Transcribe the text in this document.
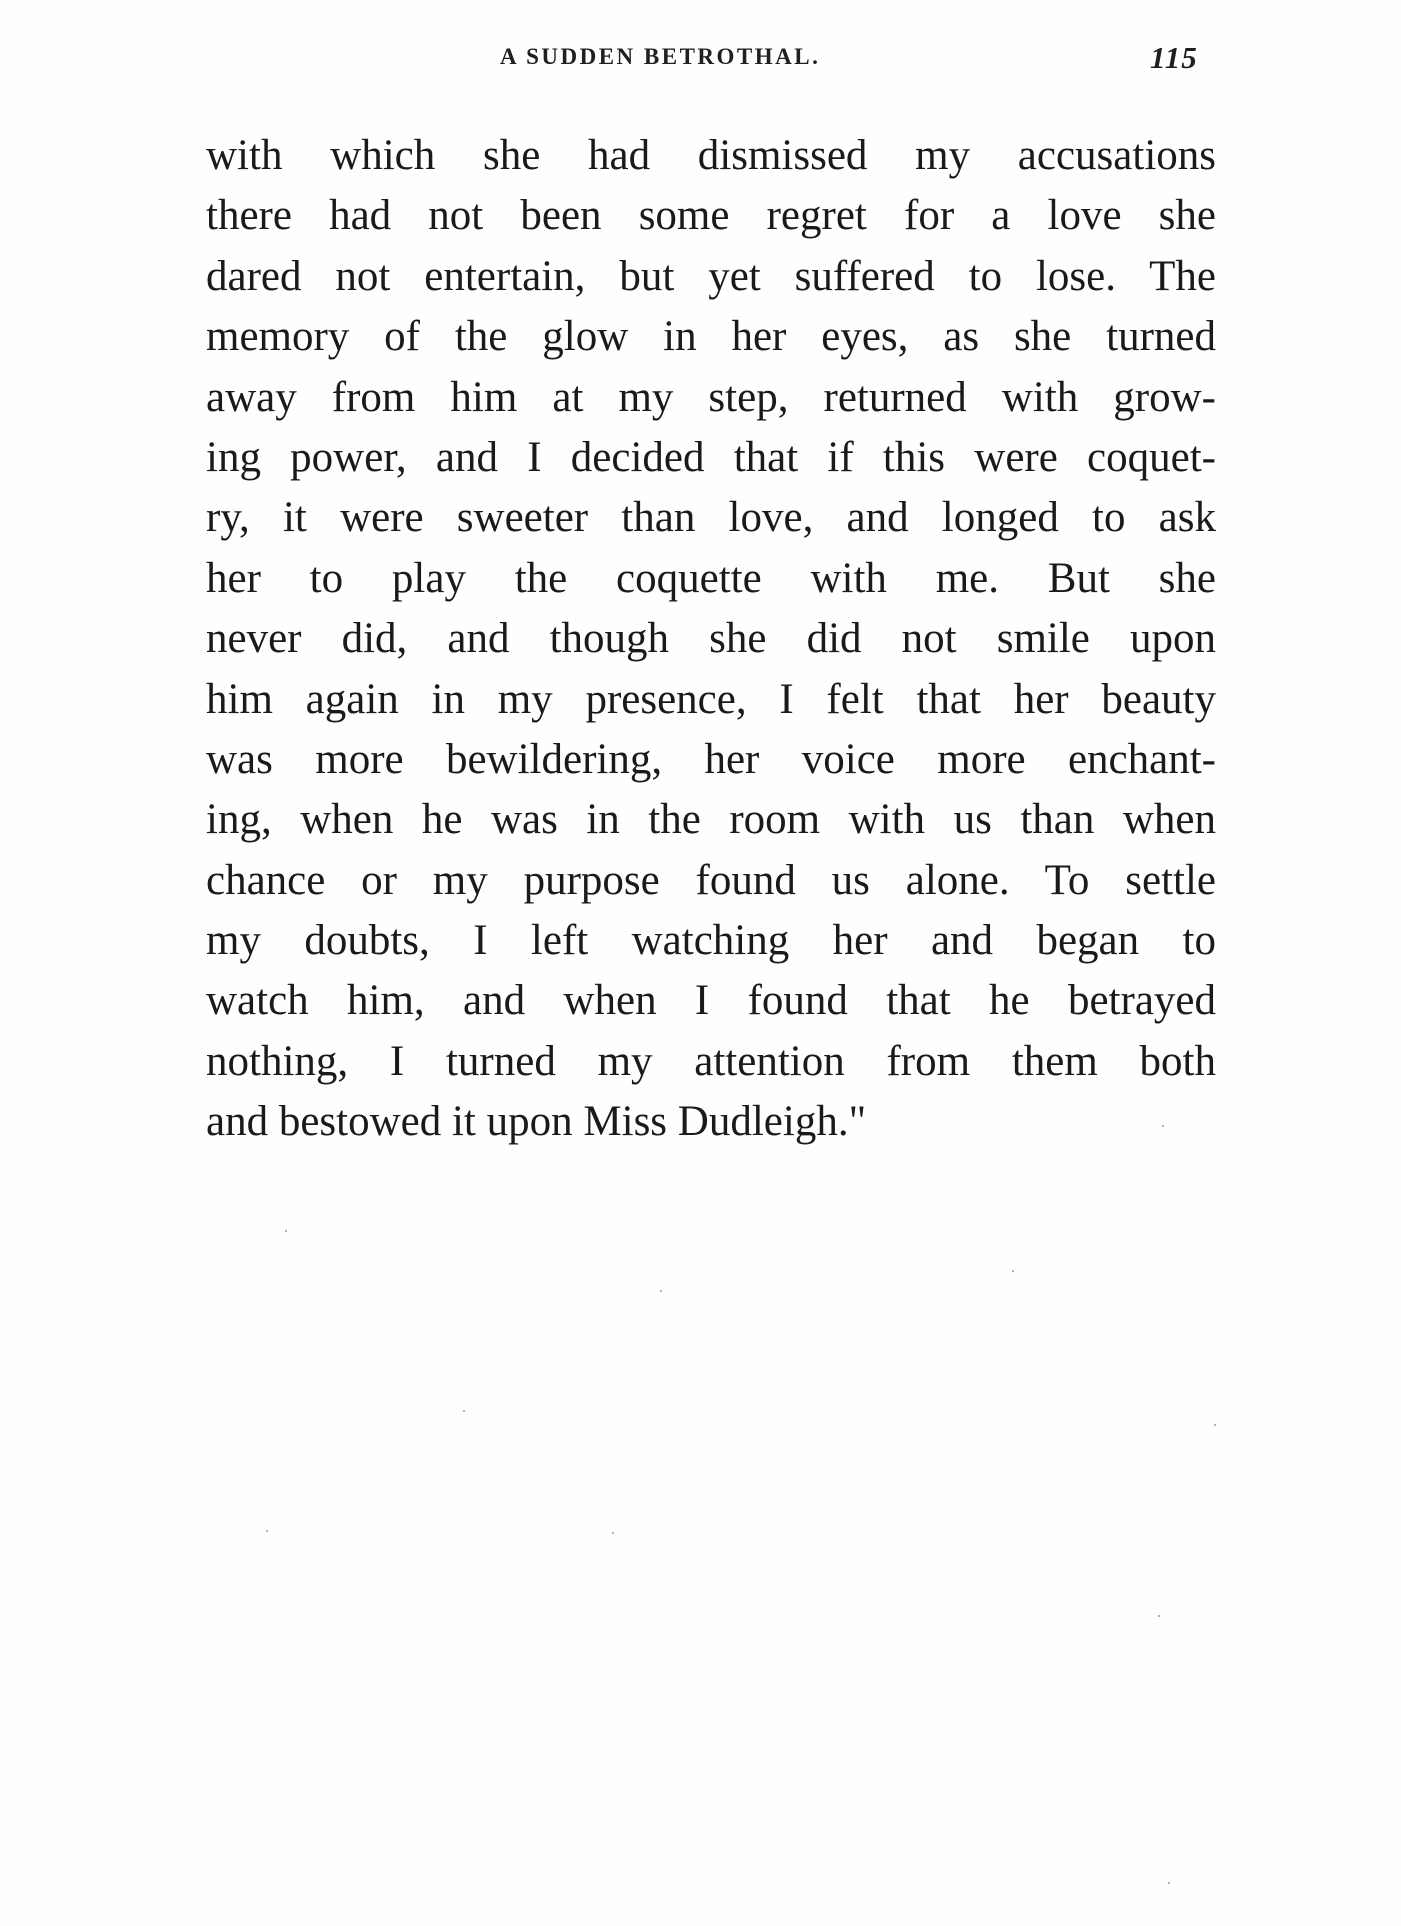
A SUDDEN BETROTHAL.	115
with which she had dismissed my accusations
there had not been some regret for a love she
dared not entertain, but yet suffered to lose. The
memory of the glow in her eyes, as she turned
away from him at my step, returned with grow-
ing power, and I decided that if this were coquet-
ry, it were sweeter than love, and longed to ask
her to play the coquette with me. But she
never did, and though she did not smile upon
him again in my presence, I felt that her beauty
was more bewildering, her voice more enchant-
ing, when he was in the room with us than when
chance or my purpose found us alone. To settle
my doubts, I left watching her and began to
watch him, and when I found that he betrayed
nothing, I turned my attention from them both
and bestowed it upon Miss Dudleigh."
